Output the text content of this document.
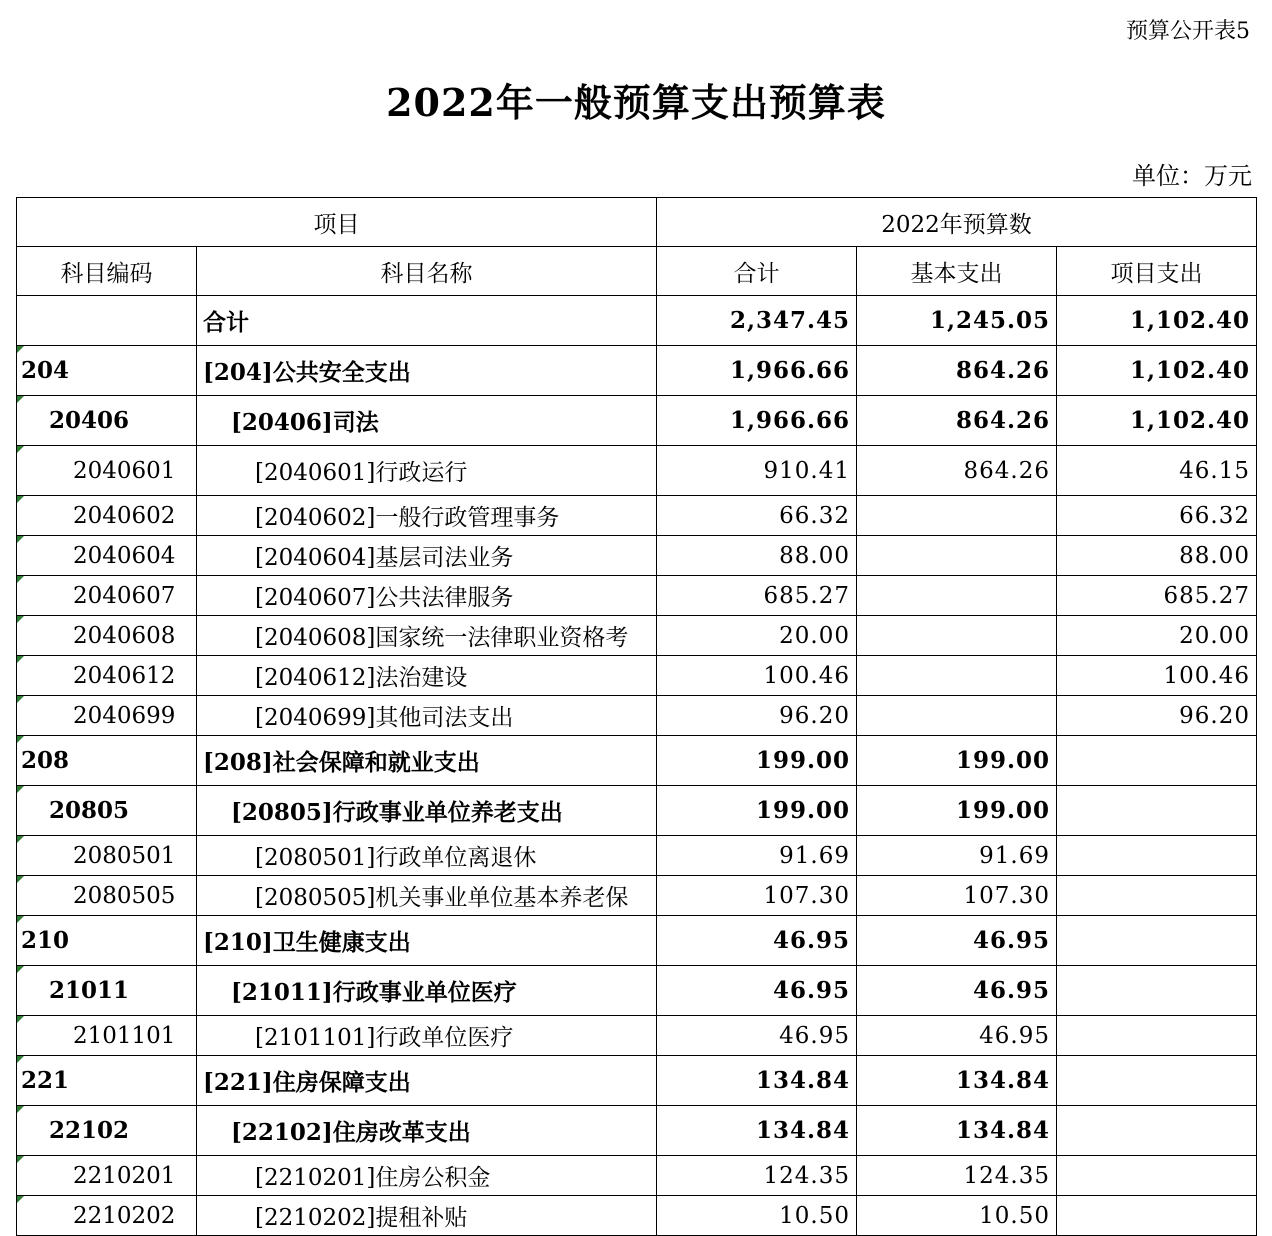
预算公开表5
2022年一般预算支出预算表
单位：万元
项目		2022年预算数		
科目编码	科目名称	合计	基本支出	项目支出
	合计	2,347.45	1,245.05	1,102.40
204	[204]公共安全支出	1,966.66	864.26	1,102.40
20406	[20406]司法	1,966.66	864.26	1,102.40
2040601	[2040601]行政运行	910.41	864.26	46.15
2040602	[2040602]一般行政管理事务	66.32		66.32
2040604	[2040604]基层司法业务	88.00		88.00
2040607	[2040607]公共法律服务	685.27		685.27
2040608	[2040608]国家统一法律职业资格考	20.00		20.00
2040612	[2040612]法治建设	100.46		100.46
2040699	[2040699]其他司法支出	96.20		96.20
208	[208]社会保障和就业支出	199.00	199.00	
20805	[20805]行政事业单位养老支出	199.00	199.00	
2080501	[2080501]行政单位离退休	91.69	91.69	
2080505	[2080505]机关事业单位基本养老保	107.30	107.30	
210	[210]卫生健康支出	46.95	46.95	
21011	[21011]行政事业单位医疗	46.95	46.95	
2101101	[2101101]行政单位医疗	46.95	46.95	
221	[221]住房保障支出	134.84	134.84	
22102	[22102]住房改革支出	134.84	134.84	
2210201	[2210201]住房公积金	124.35	124.35	
2210202	[2210202]提租补贴	10.50	10.50	
